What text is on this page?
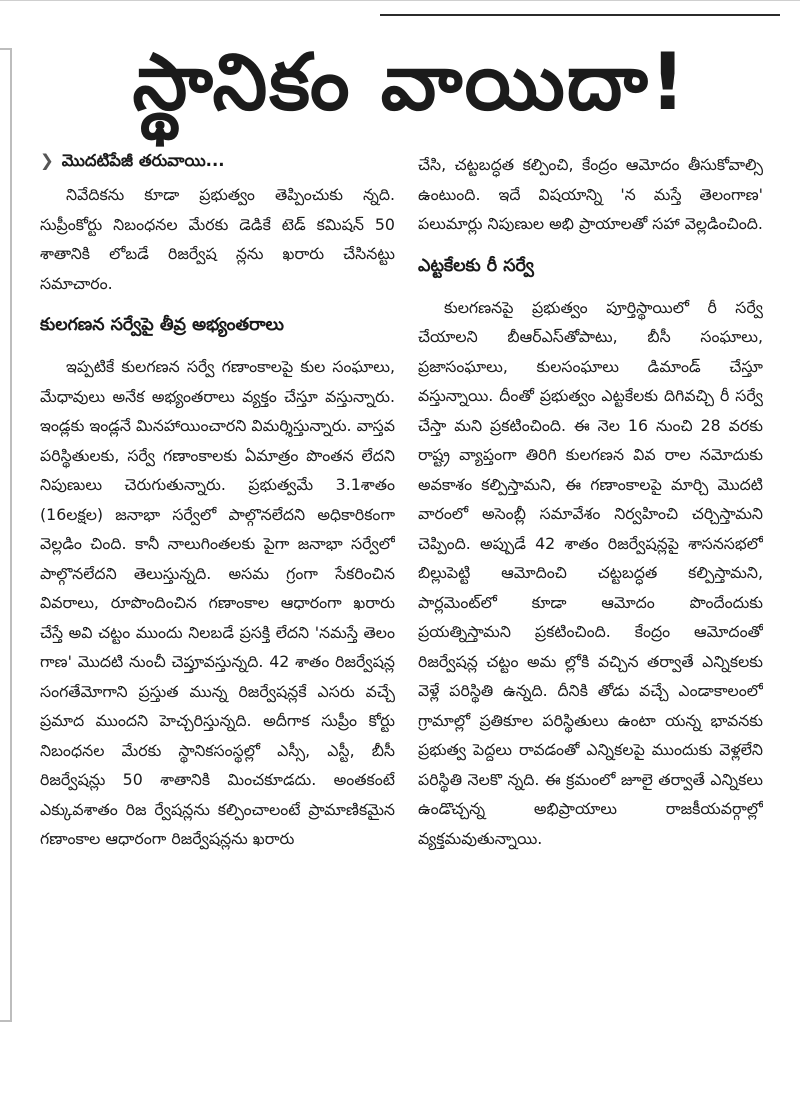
స్థానికం వాయిదా!
❯ మొదటిపేజీ తరువాయి...

నివేదికను కూడా ప్రభుత్వం తెప్పించుకు న్నది. సుప్రీంకోర్టు నిబంధనల మేరకు డెడికే టెడ్ కమిషన్ 50 శాతానికి లోబడే రిజర్వేష న్లను ఖరారు చేసినట్టు సమాచారం.

కులగణన సర్వేపై తీవ్ర అభ్యంతరాలు

ఇప్పటికే కులగణన సర్వే గణాంకాలపై కుల సంఘాలు, మేధావులు అనేక అభ్యంతరాలు వ్యక్తం చేస్తూ వస్తున్నారు. ఇండ్లకు ఇండ్లనే మినహాయించారని విమర్శిస్తున్నారు. వాస్తవ పరిస్థితులకు, సర్వే గణాంకాలకు ఏమాత్రం పొంతన లేదని నిపుణులు చెరుగుతున్నారు. ప్రభుత్వమే 3.1శాతం (16లక్షల) జనాభా సర్వేలో పాల్గొనలేదని అధికారికంగా వెల్లడిం చింది. కానీ నాలుగింతలకు పైగా జనాభా సర్వేలో పాల్గొనలేదని తెలుస్తున్నది. అసమ గ్రంగా సేకరించిన వివరాలు, రూపొందించిన గణాంకాల ఆధారంగా ఖరారు చేస్తే అవి చట్టం ముందు నిలబడే ప్రసక్తి లేదని 'నమస్తే తెలం గాణ' మొదటి నుంచీ చెప్తూవస్తున్నది. 42 శాతం రిజర్వేషన్ల సంగతేమోగాని ప్రస్తుత మున్న రిజర్వేషన్లకే ఎసరు వచ్చే ప్రమాద ముందని హెచ్చరిస్తున్నది. అదీగాక సుప్రీం కోర్టు నిబంధనల మేరకు స్థానికసంస్థల్లో ఎస్సీ, ఎస్టీ, బీసీ రిజర్వేషన్లు 50 శాతానికి మించకూడదు. అంతకంటే ఎక్కువశాతం రిజ ర్వేషన్లను కల్పించాలంటే ప్రామాణికమైన గణాంకాల ఆధారంగా రిజర్వేషన్లను ఖరారు

చేసి, చట్టబద్ధత కల్పించి, కేంద్రం ఆమోదం తీసుకోవాల్సి ఉంటుంది. ఇదే విషయాన్ని 'న మస్తే తెలంగాణ' పలుమార్లు నిపుణుల అభి ప్రాయాలతో సహా వెల్లడించింది.

ఎట్టకేలకు రీ సర్వే

కులగణనపై ప్రభుత్వం పూర్తిస్థాయిలో రీ సర్వే చేయాలని బీఆర్‌ఎస్‌తోపాటు, బీసీ సంఘాలు, ప్రజాసంఘాలు, కులసంఘాలు డిమాండ్ చేస్తూ వస్తున్నాయి. దీంతో ప్రభుత్వం ఎట్టకేలకు దిగివచ్చి రీ సర్వే చేస్తా మని ప్రకటించింది. ఈ నెల 16 నుంచి 28 వరకు రాష్ట్ర వ్యాప్తంగా తిరిగి కులగణన వివ రాల నమోదుకు అవకాశం కల్పిస్తామని, ఈ గణాంకాలపై మార్చి మొదటి వారంలో అసెంబ్లీ సమావేశం నిర్వహించి చర్చిస్తామని చెప్పింది. అప్పుడే 42 శాతం రిజర్వేషన్లపై శాసనసభలో బిల్లుపెట్టి ఆమోదించి చట్టబద్ధత కల్పిస్తామని, పార్లమెంట్‌లో కూడా ఆమోదం పొందేందుకు ప్రయత్నిస్తామని ప్రకటించింది. కేంద్రం ఆమోదంతో రిజర్వేషన్ల చట్టం అమ ల్లోకి వచ్చిన తర్వాతే ఎన్నికలకు వెళ్లే పరిస్థితి ఉన్నది. దీనికి తోడు వచ్చే ఎండాకాలంలో గ్రామాల్లో ప్రతికూల పరిస్థితులు ఉంటా యన్న భావనకు ప్రభుత్వ పెద్దలు రావడంతో ఎన్నికలపై ముందుకు వెళ్లలేని పరిస్థితి నెలకొ న్నది. ఈ క్రమంలో జూలై తర్వాతే ఎన్నికలు ఉండొచ్చన్న అభిప్రాయాలు రాజకీయవర్గాల్లో వ్యక్తమవుతున్నాయి.
